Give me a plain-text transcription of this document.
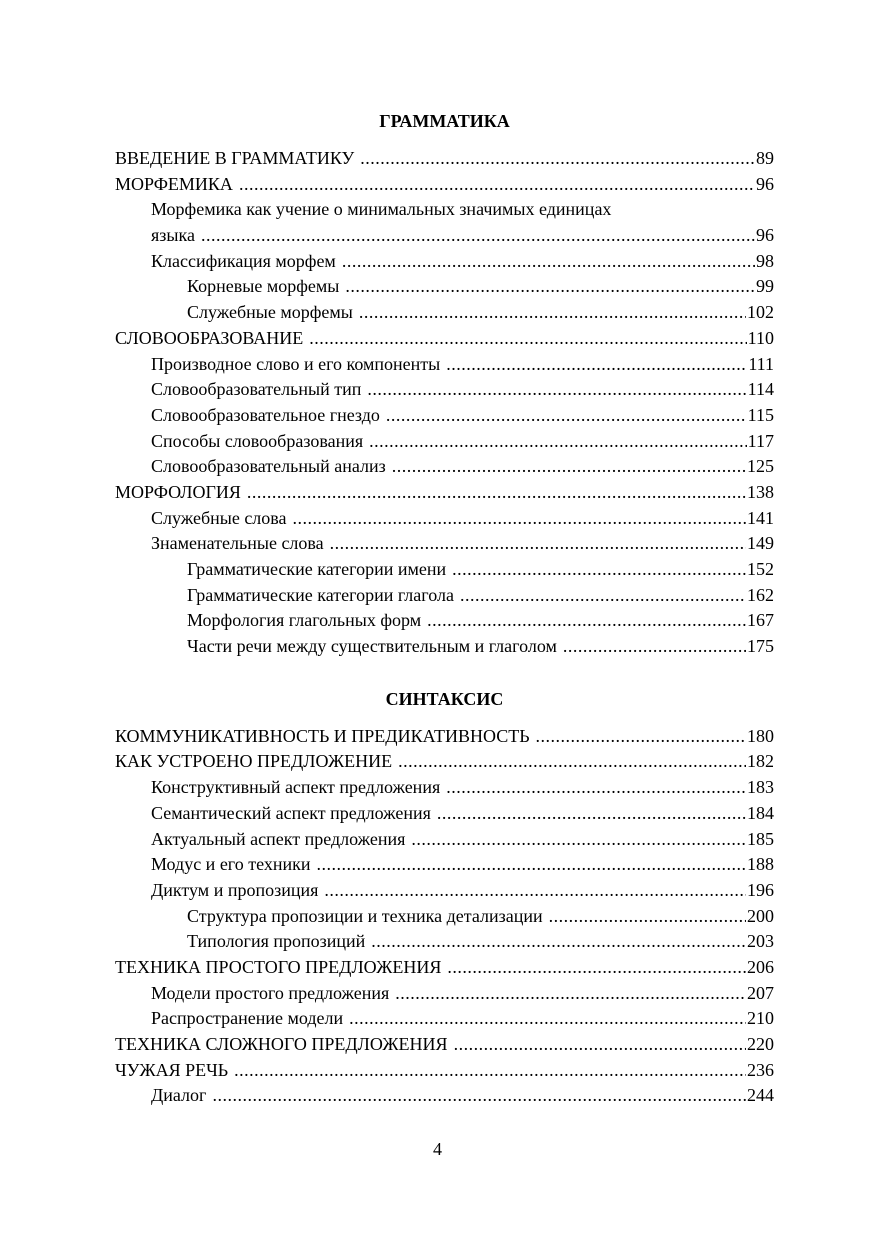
ГРАММАТИКА
ВВЕДЕНИЕ В ГРАММАТИКУ .....	89
МОРФЕМИКА .....	96
Морфемика как учение о минимальных значимых единицах
языка .....	96
Классификация морфем .....	98
Корневые морфемы .....	99
Служебные морфемы .....	102
СЛОВООБРАЗОВАНИЕ .....	110
Производное слово и его компоненты .....	111
Словообразовательный тип .....	114
Словообразовательное гнездо .....	115
Способы словообразования .....	117
Словообразовательный анализ .....	125
МОРФОЛОГИЯ .....	138
Служебные слова .....	141
Знаменательные слова .....	149
Грамматические категории имени .....	152
Грамматические категории глагола .....	162
Морфология глагольных форм .....	167
Части речи между существительным и глаголом .....	175
СИНТАКСИС
КОММУНИКАТИВНОСТЬ И ПРЕДИКАТИВНОСТЬ .....	180
КАК УСТРОЕНО ПРЕДЛОЖЕНИЕ .....	182
Конструктивный аспект предложения .....	183
Семантический аспект предложения .....	184
Актуальный аспект предложения .....	185
Модус и его техники .....	188
Диктум и пропозиция .....	196
Структура пропозиции и техника детализации .....	200
Типология пропозиций .....	203
ТЕХНИКА ПРОСТОГО ПРЕДЛОЖЕНИЯ .....	206
Модели простого предложения .....	207
Распространение модели .....	210
ТЕХНИКА СЛОЖНОГО ПРЕДЛОЖЕНИЯ .....	220
ЧУЖАЯ РЕЧЬ .....	236
Диалог .....	244
4
